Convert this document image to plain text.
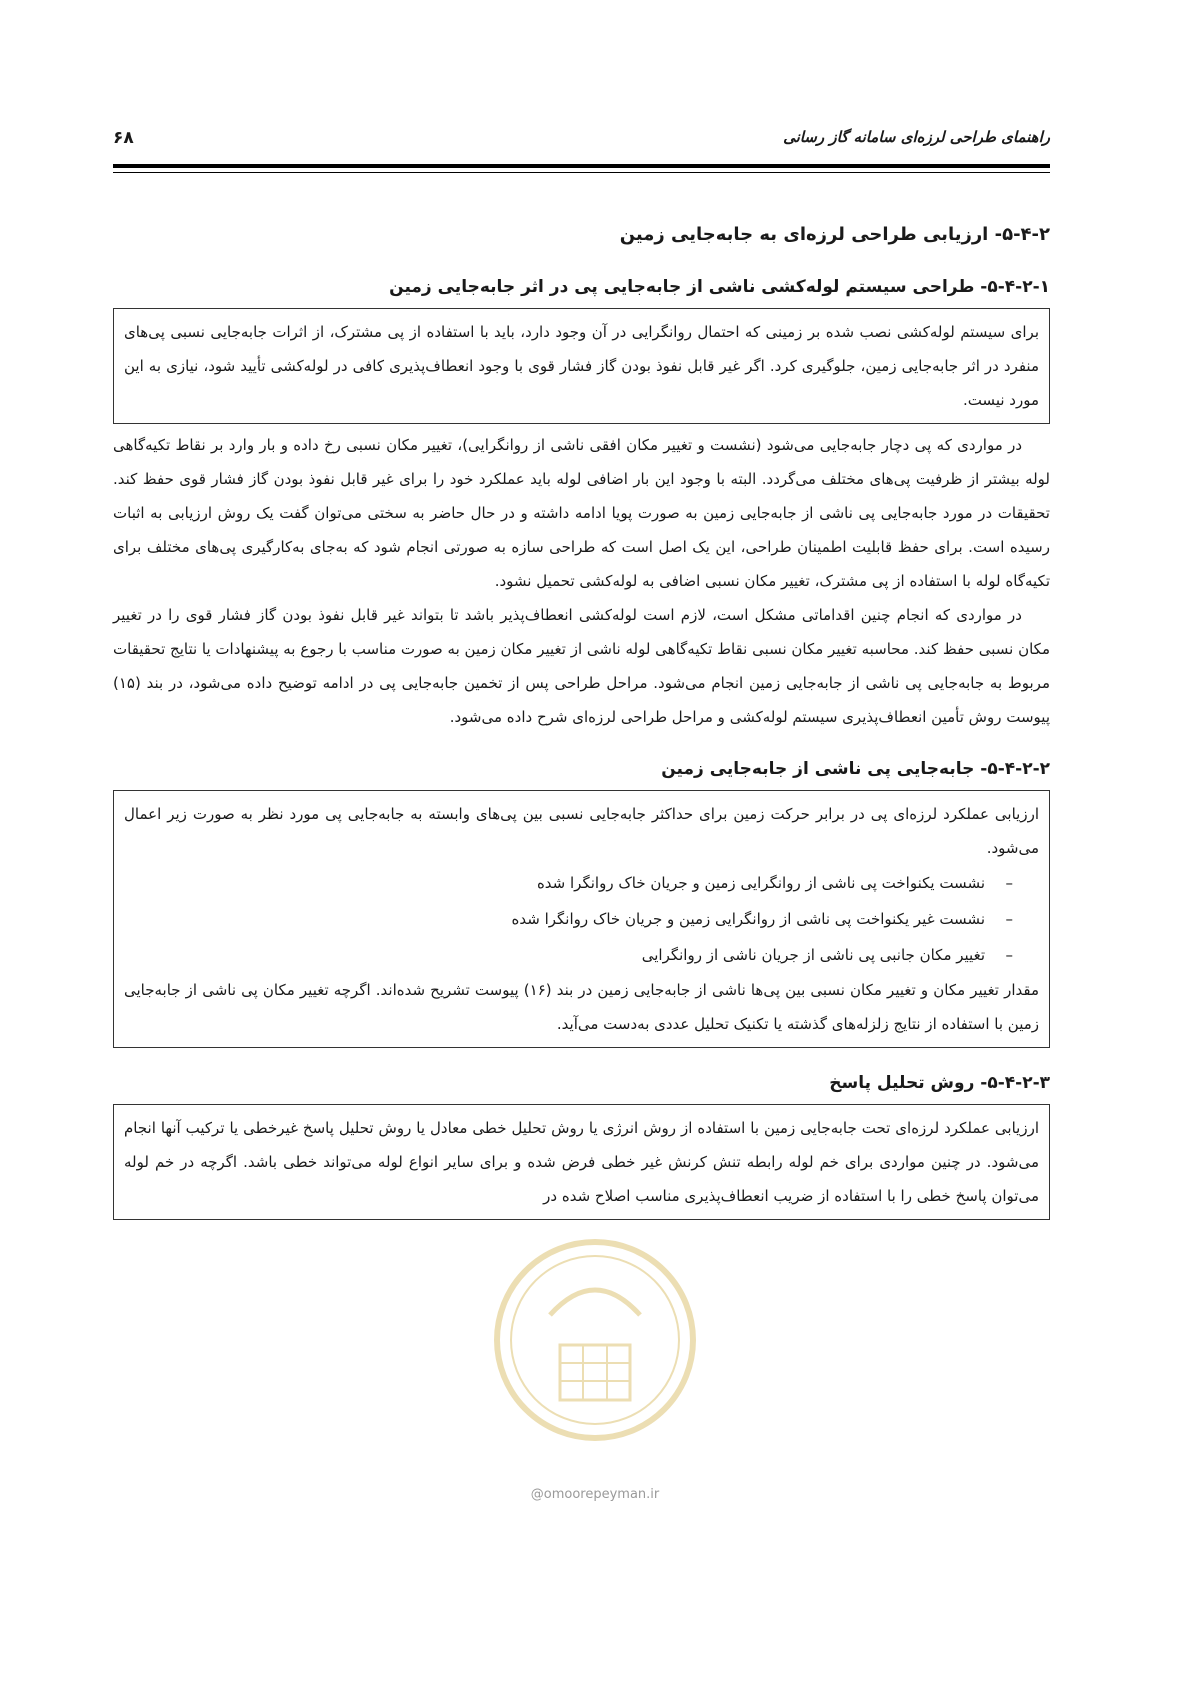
راهنمای طراحی لرزه‌ای سامانه گاز رسانی
۶۸
۵-۴-۲- ارزیابی طراحی لرزه‌ای به جابه‌جایی زمین
۵-۴-۲-۱- طراحی سیستم لوله‌کشی ناشی از جابه‌جایی پی در اثر جابه‌جایی زمین
برای سیستم لوله‌کشی نصب شده بر زمینی که احتمال روانگرایی در آن وجود دارد، باید با استفاده از پی مشترک، از اثرات جابه‌جایی نسبی پی‌های منفرد در اثر جابه‌جایی زمین، جلوگیری کرد. اگر غیر قابل نفوذ بودن گاز فشار قوی با وجود انعطاف‌پذیری کافی در لوله‌کشی تأیید شود، نیازی به این مورد نیست.

در مواردی که پی دچار جابه‌جایی می‌شود (نشست و تغییر مکان افقی ناشی از روانگرایی)، تغییر مکان نسبی رخ داده و بار وارد بر نقاط تکیه‌گاهی لوله بیشتر از ظرفیت پی‌های مختلف می‌گردد. البته با وجود این بار اضافی لوله باید عملکرد خود را برای غیر قابل نفوذ بودن گاز فشار قوی حفظ کند. تحقیقات در مورد جابه‌جایی پی ناشی از جابه‌جایی زمین به صورت پویا ادامه داشته و در حال حاضر به سختی می‌توان گفت یک روش ارزیابی به اثبات رسیده است. برای حفظ قابلیت اطمینان طراحی، این یک اصل است که طراحی سازه به صورتی انجام شود که به‌جای به‌کارگیری پی‌های مختلف برای تکیه‌گاه لوله با استفاده از پی مشترک، تغییر مکان نسبی اضافی به لوله‌کشی تحمیل نشود.

در مواردی که انجام چنین اقداماتی مشکل است، لازم است لوله‌کشی انعطاف‌پذیر باشد تا بتواند غیر قابل نفوذ بودن گاز فشار قوی را در تغییر مکان نسبی حفظ کند. محاسبه تغییر مکان نسبی نقاط تکیه‌گاهی لوله ناشی از تغییر مکان زمین به صورت مناسب با رجوع به پیشنهادات یا نتایج تحقیقات مربوط به جابه‌جایی پی ناشی از جابه‌جایی زمین انجام می‌شود. مراحل طراحی پس از تخمین جابه‌جایی پی در ادامه توضیح داده می‌شود، در بند (۱۵) پیوست روش تأمین انعطاف‌پذیری سیستم لوله‌کشی و مراحل طراحی لرزه‌ای شرح داده می‌شود.

۵-۴-۲-۲- جابه‌جایی پی ناشی از جابه‌جایی زمین
ارزیابی عملکرد لرزه‌ای پی در برابر حرکت زمین برای حداکثر جابه‌جایی نسبی بین پی‌های وابسته به جابه‌جایی پی مورد نظر به صورت زیر اعمال می‌شود.
–
نشست یکنواخت پی ناشی از روانگرایی زمین و جریان خاک روانگرا شده
–
نشست غیر یکنواخت پی ناشی از روانگرایی زمین و جریان خاک روانگرا شده
–
تغییر مکان جانبی پی ناشی از جریان ناشی از روانگرایی
مقدار تغییر مکان و تغییر مکان نسبی بین پی‌ها ناشی از جابه‌جایی زمین در بند (۱۶) پیوست تشریح شده‌اند. اگرچه تغییر مکان پی ناشی از جابه‌جایی زمین با استفاده از نتایج زلزله‌های گذشته یا تکنیک تحلیل عددی به‌دست می‌آید.
۵-۴-۲-۳- روش تحلیل پاسخ
ارزیابی عملکرد لرزه‌ای تحت جابه‌جایی زمین با استفاده از روش انرژی یا روش تحلیل خطی معادل یا روش تحلیل پاسخ غیرخطی یا ترکیب آنها انجام می‌شود. در چنین مواردی برای خم لوله رابطه تنش کرنش غیر خطی فرض شده و برای سایر انواع لوله می‌تواند خطی باشد. اگرچه در خم لوله می‌توان پاسخ خطی را با استفاده از ضریب انعطاف‌پذیری مناسب اصلاح شده در
@omoorepeyman.ir
